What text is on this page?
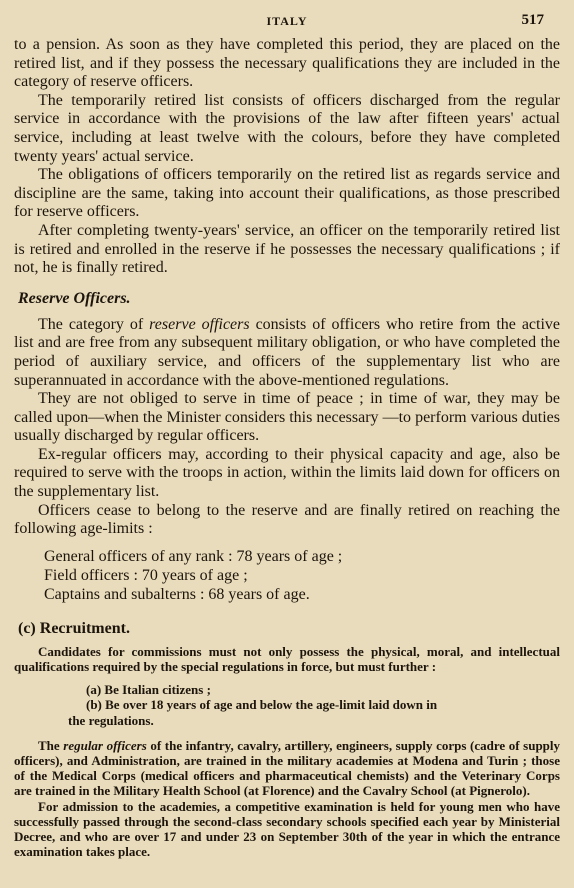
ITALY	517

to a pension. As soon as they have completed this period, they are placed on the retired list, and if they possess the necessary qualifications they are included in the category of reserve officers.

The temporarily retired list consists of officers discharged from the regular service in accordance with the provisions of the law after fifteen years' actual service, including at least twelve with the colours, before they have completed twenty years' actual service.

The obligations of officers temporarily on the retired list as regards service and discipline are the same, taking into account their qualifications, as those prescribed for reserve officers.

After completing twenty-years' service, an officer on the temporarily retired list is retired and enrolled in the reserve if he possesses the necessary qualifications ; if not, he is finally retired.

Reserve Officers.

The category of reserve officers consists of officers who retire from the active list and are free from any subsequent military obligation, or who have completed the period of auxiliary service, and officers of the supplementary list who are superannuated in accordance with the above-mentioned regulations.

They are not obliged to serve in time of peace ; in time of war, they may be called upon—when the Minister considers this necessary —to perform various duties usually discharged by regular officers.

Ex-regular officers may, according to their physical capacity and age, also be required to serve with the troops in action, within the limits laid down for officers on the supplementary list.

Officers cease to belong to the reserve and are finally retired on reaching the following age-limits :

General officers of any rank : 78 years of age ;
Field officers : 70 years of age ;
Captains and subalterns : 68 years of age.
(c) Recruitment.

Candidates for commissions must not only possess the physical, moral, and intellectual qualifications required by the special regulations in force, but must further :

(a) Be Italian citizens ;
(b) Be over 18 years of age and below the age-limit laid down in
the regulations.

The regular officers of the infantry, cavalry, artillery, engineers, supply corps (cadre of supply officers), and Administration, are trained in the military academies at Modena and Turin ; those of the Medical Corps (medical officers and pharmaceutical chemists) and the Veterinary Corps are trained in the Military Health School (at Florence) and the Cavalry School (at Pignerolo).

For admission to the academies, a competitive examination is held for young men who have successfully passed through the second-class secondary schools specified each year by Ministerial Decree, and who are over 17 and under 23 on September 30th of the year in which the entrance examination takes place.
